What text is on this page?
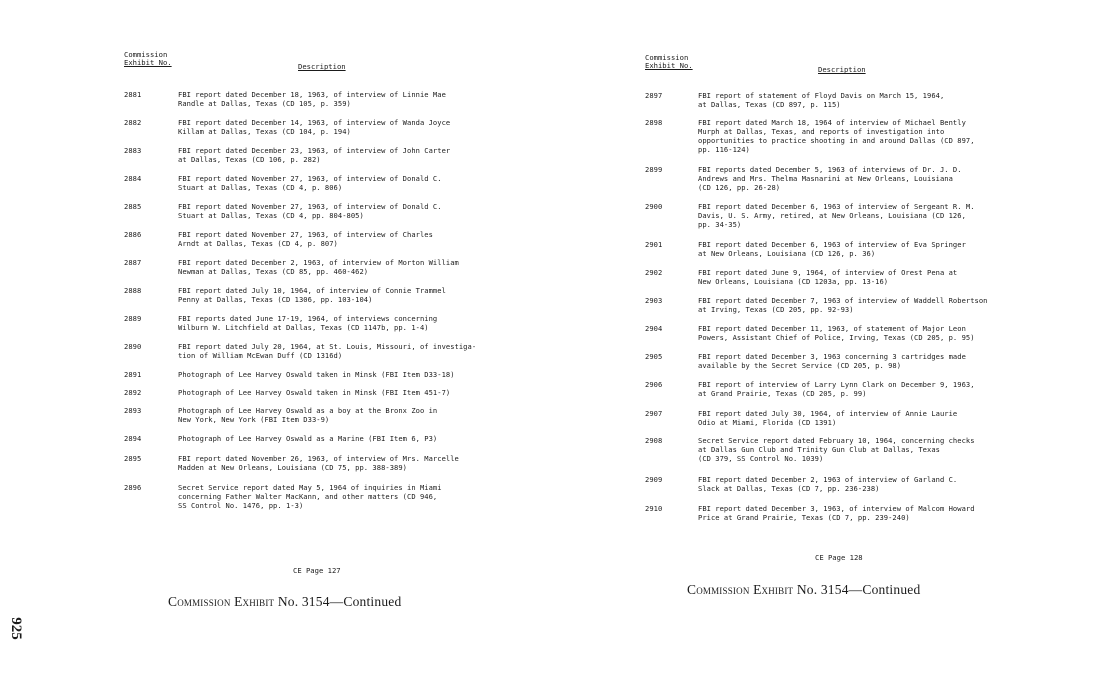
Commission
Exhibit No.	Description
2881	FBI report dated December 18, 1963, of interview of Linnie Mae
Randle at Dallas, Texas (CD 105, p. 359)
2882	FBI report dated December 14, 1963, of interview of Wanda Joyce
Killam at Dallas, Texas (CD 104, p. 194)
2883	FBI report dated December 23, 1963, of interview of John Carter
at Dallas, Texas (CD 106, p. 282)
2884	FBI report dated November 27, 1963, of interview of Donald C.
Stuart at Dallas, Texas (CD 4, p. 806)
2885	FBI report dated November 27, 1963, of interview of Donald C.
Stuart at Dallas, Texas (CD 4, pp. 804-805)
2886	FBI report dated November 27, 1963, of interview of Charles
Arndt at Dallas, Texas (CD 4, p. 807)
2887	FBI report dated December 2, 1963, of interview of Morton William
Newman at Dallas, Texas (CD 85, pp. 460-462)
2888	FBI report dated July 10, 1964, of interview of Connie Trammel
Penny at Dallas, Texas (CD 1306, pp. 103-104)
2889	FBI reports dated June 17-19, 1964, of interviews concerning
Wilburn W. Litchfield at Dallas, Texas (CD 1147b, pp. 1-4)
2890	FBI report dated July 20, 1964, at St. Louis, Missouri, of investiga-
tion of William McEwan Duff (CD 1316d)
2891	Photograph of Lee Harvey Oswald taken in Minsk (FBI Item D33-18)
2892	Photograph of Lee Harvey Oswald taken in Minsk (FBI Item 451-7)
2893	Photograph of Lee Harvey Oswald as a boy at the Bronx Zoo in
New York, New York (FBI Item D33-9)
2894	Photograph of Lee Harvey Oswald as a Marine (FBI Item 6, P3)
2895	FBI report dated November 26, 1963, of interview of Mrs. Marcelle
Madden at New Orleans, Louisiana (CD 75, pp. 388-389)
2896	Secret Service report dated May 5, 1964 of inquiries in Miami
concerning Father Walter MacKann, and other matters (CD 946,
SS Control No. 1476, pp. 1-3)
CE Page 127
Commission Exhibit No. 3154—Continued
Commission
Exhibit No.	Description
2897	FBI report of statement of Floyd Davis on March 15, 1964,
at Dallas, Texas (CD 897, p. 115)
2898	FBI report dated March 18, 1964 of interview of Michael Bently
Murph at Dallas, Texas, and reports of investigation into
opportunities to practice shooting in and around Dallas (CD 897,
pp. 116-124)
2899	FBI reports dated December 5, 1963 of interviews of Dr. J. D.
Andrews and Mrs. Thelma Masnarini at New Orleans, Louisiana
(CD 126, pp. 26-28)
2900	FBI report dated December 6, 1963 of interview of Sergeant R. M.
Davis, U. S. Army, retired, at New Orleans, Louisiana (CD 126,
pp. 34-35)
2901	FBI report dated December 6, 1963 of interview of Eva Springer
at New Orleans, Louisiana (CD 126, p. 36)
2902	FBI report dated June 9, 1964, of interview of Orest Pena at
New Orleans, Louisiana (CD 1203a, pp. 13-16)
2903	FBI report dated December 7, 1963 of interview of Waddell Robertson
at Irving, Texas (CD 205, pp. 92-93)
2904	FBI report dated December 11, 1963, of statement of Major Leon
Powers, Assistant Chief of Police, Irving, Texas (CD 205, p. 95)
2905	FBI report dated December 3, 1963 concerning 3 cartridges made
available by the Secret Service (CD 205, p. 98)
2906	FBI report of interview of Larry Lynn Clark on December 9, 1963,
at Grand Prairie, Texas (CD 205, p. 99)
2907	FBI report dated July 30, 1964, of interview of Annie Laurie
Odio at Miami, Florida (CD 1391)
2908	Secret Service report dated February 10, 1964, concerning checks
at Dallas Gun Club and Trinity Gun Club at Dallas, Texas
(CD 379, SS Control No. 1039)
2909	FBI report dated December 2, 1963 of interview of Garland C.
Slack at Dallas, Texas (CD 7, pp. 236-238)
2910	FBI report dated December 3, 1963, of interview of Malcom Howard
Price at Grand Prairie, Texas (CD 7, pp. 239-240)
CE Page 128
Commission Exhibit No. 3154—Continued
925
